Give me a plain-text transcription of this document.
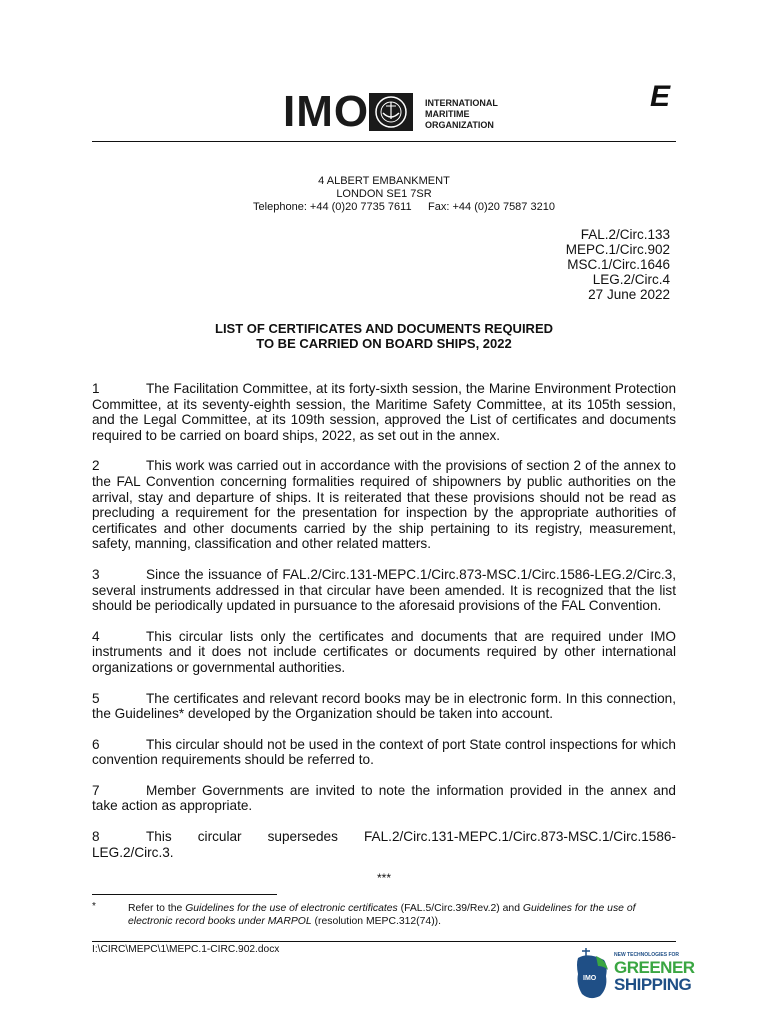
IMO	INTERNATIONAL
MARITIME
ORGANIZATION
E
4 ALBERT EMBANKMENT
LONDON SE1 7SR
Telephone: +44 (0)20 7735 7611 Fax: +44 (0)20 7587 3210
FAL.2/Circ.133
MEPC.1/Circ.902
MSC.1/Circ.1646
LEG.2/Circ.4
27 June 2022
LIST OF CERTIFICATES AND DOCUMENTS REQUIRED
TO BE CARRIED ON BOARD SHIPS, 2022

1	The Facilitation Committee, at its forty-sixth session, the Marine Environment Protection Committee, at its seventy-eighth session, the Maritime Safety Committee, at its 105th session, and the Legal Committee, at its 109th session, approved the List of certificates and documents required to be carried on board ships, 2022, as set out in the annex.

2	This work was carried out in accordance with the provisions of section 2 of the annex to the FAL Convention concerning formalities required of shipowners by public authorities on the arrival, stay and departure of ships. It is reiterated that these provisions should not be read as precluding a requirement for the presentation for inspection by the appropriate authorities of certificates and other documents carried by the ship pertaining to its registry, measurement, safety, manning, classification and other related matters.

3	Since the issuance of FAL.2/Circ.131-MEPC.1/Circ.873-MSC.1/Circ.1586-LEG.2/Circ.3, several instruments addressed in that circular have been amended. It is recognized that the list should be periodically updated in pursuance to the aforesaid provisions of the FAL Convention.

4	This circular lists only the certificates and documents that are required under IMO instruments and it does not include certificates or documents required by other international organizations or governmental authorities.

5	The certificates and relevant record books may be in electronic form. In this connection, the Guidelines* developed by the Organization should be taken into account.

6	This circular should not be used in the context of port State control inspections for which convention requirements should be referred to.

7	Member Governments are invited to note the information provided in the annex and take action as appropriate.

8	This circular supersedes FAL.2/Circ.131-MEPC.1/Circ.873-MSC.1/Circ.1586-LEG.2/Circ.3.

***
*	Refer to the Guidelines for the use of electronic certificates (FAL.5/Circ.39/Rev.2) and Guidelines for the use of electronic record books under MARPOL (resolution MEPC.312(74)).
I:\CIRC\MEPC\1\MEPC.1-CIRC.902.docx
IMO
NEW TECHNOLOGIES FOR
GREENER
SHIPPING
